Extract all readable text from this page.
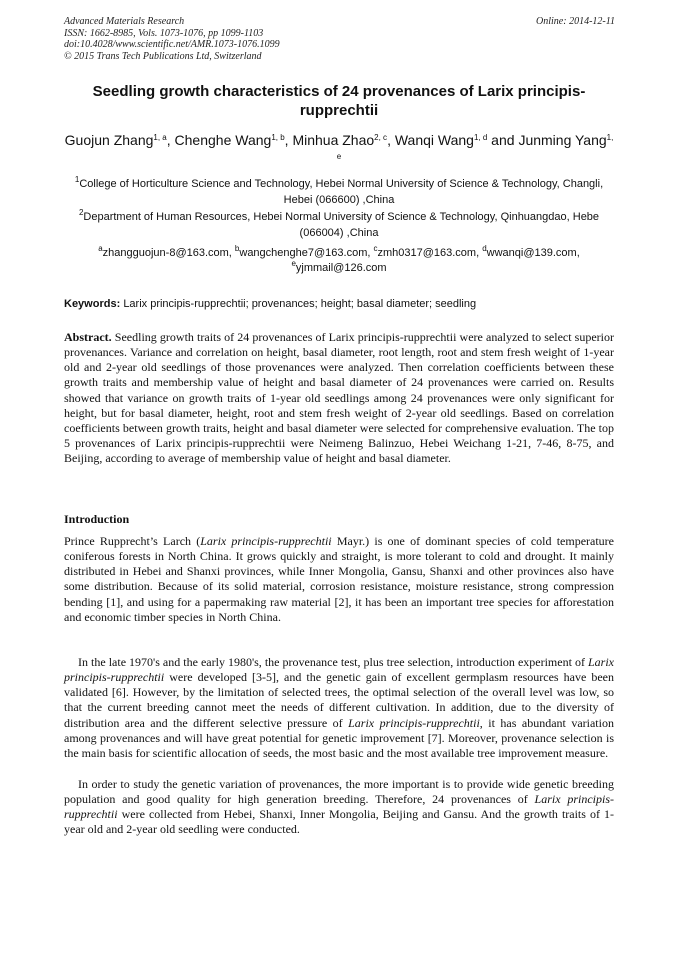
Advanced Materials Research
ISSN: 1662-8985, Vols. 1073-1076, pp 1099-1103
doi:10.4028/www.scientific.net/AMR.1073-1076.1099
© 2015 Trans Tech Publications Ltd, Switzerland
Online: 2014-12-11
Seedling growth characteristics of 24 provenances of Larix principis-rupprechtii
Guojun Zhang$^{1, a}$, Chenghe Wang$^{1, b}$, Minhua Zhao$^{2, c}$, Wanqi Wang$^{1, d}$ and Junming Yang$^{1, e}$
$^1$College of Horticulture Science and Technology, Hebei Normal University of Science & Technology, Changli, Hebei (066600) ,China
$^2$Department of Human Resources, Hebei Normal University of Science & Technology, Qinhuangdao, Hebe (066004) ,China
$^a$zhangguojun-8@163.com, $^b$wangchenghe7@163.com, $^c$zmh0317@163.com, $^d$wwanqi@139.com, $^e$yjmmail@126.com
Keywords: Larix principis-rupprechtii; provenances; height; basal diameter; seedling
Abstract. Seedling growth traits of 24 provenances of Larix principis-rupprechtii were analyzed to select superior provenances. Variance and correlation on height, basal diameter, root length, root and stem fresh weight of 1-year old and 2-year old seedlings of those provenances were analyzed. Then correlation coefficients between these growth traits and membership value of height and basal diameter of 24 provenances were carried on. Results showed that variance on growth traits of 1-year old seedlings among 24 provenances were only significant for height, but for basal diameter, height, root and stem fresh weight of 2-year old seedlings. Based on correlation coefficients between growth traits, height and basal diameter were selected for comprehensive evaluation. The top 5 provenances of Larix principis-rupprechtii were Neimeng Balinzuo, Hebei Weichang 1-21, 7-46, 8-75, and Beijing, according to average of membership value of height and basal diameter.
Introduction
Prince Rupprecht’s Larch (Larix principis-rupprechtii Mayr.) is one of dominant species of cold temperature coniferous forests in North China. It grows quickly and straight, is more tolerant to cold and drought. It mainly distributed in Hebei and Shanxi provinces, while Inner Mongolia, Gansu, Shanxi and other provinces also have some distribution. Because of its solid material, corrosion resistance, moisture resistance, strong compression bending [1], and using for a papermaking raw material [2], it has been an important tree species for afforestation and economic timber species in North China.
In the late 1970's and the early 1980's, the provenance test, plus tree selection, introduction experiment of Larix principis-rupprechtii were developed [3-5], and the genetic gain of excellent germplasm resources have been validated [6]. However, by the limitation of selected trees, the optimal selection of the overall level was low, so that the current breeding cannot meet the needs of different cultivation. In addition, due to the diversity of distribution area and the different selective pressure of Larix principis-rupprechtii, it has abundant variation among provenances and will have great potential for genetic improvement [7]. Moreover, provenance selection is the main basis for scientific allocation of seeds, the most basic and the most available tree improvement measure.
In order to study the genetic variation of provenances, the more important is to provide wide genetic breeding population and good quality for high generation breeding. Therefore, 24 provenances of Larix principis-rupprechtii were collected from Hebei, Shanxi, Inner Mongolia, Beijing and Gansu. And the growth traits of 1-year old and 2-year old seedling were conducted.
